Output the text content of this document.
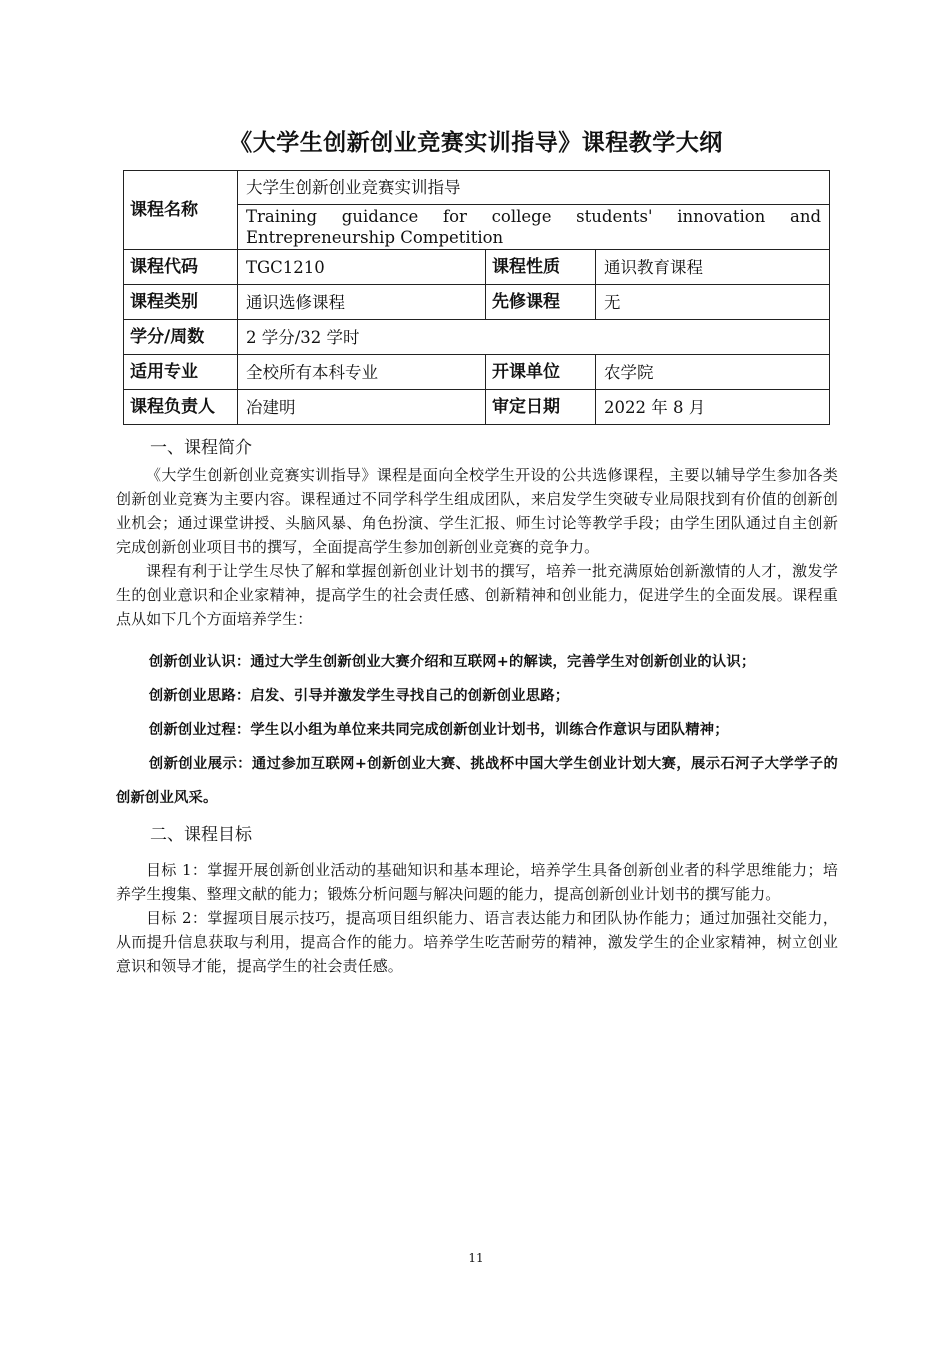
《大学生创新创业竞赛实训指导》课程教学大纲
课程名称	大学生创新创业竞赛实训指导		
	Training guidance for college students' innovation and Entrepreneurship Competition		
课程代码	TGC1210	课程性质	通识教育课程
课程类别	通识选修课程	先修课程	无
学分/周数	2 学分/32 学时		
适用专业	全校所有本科专业	开课单位	农学院
课程负责人	冶建明	审定日期	2022 年 8 月

一、课程简介

《大学生创新创业竞赛实训指导》课程是面向全校学生开设的公共选修课程，主要以辅导学生参加各类创新创业竞赛为主要内容。课程通过不同学科学生组成团队，来启发学生突破专业局限找到有价值的创新创业机会；通过课堂讲授、头脑风暴、角色扮演、学生汇报、师生讨论等教学手段；由学生团队通过自主创新完成创新创业项目书的撰写，全面提高学生参加创新创业竞赛的竞争力。

课程有利于让学生尽快了解和掌握创新创业计划书的撰写，培养一批充满原始创新激情的人才，激发学生的创业意识和企业家精神，提高学生的社会责任感、创新精神和创业能力，促进学生的全面发展。课程重点从如下几个方面培养学生：

创新创业认识：通过大学生创新创业大赛介绍和互联网+的解读，完善学生对创新创业的认识；

创新创业思路：启发、引导并激发学生寻找自己的创新创业思路；

创新创业过程：学生以小组为单位来共同完成创新创业计划书，训练合作意识与团队精神；

创新创业展示：通过参加互联网+创新创业大赛、挑战杯中国大学生创业计划大赛，展示石河子大学学子的创新创业风采。

二、课程目标

目标 1：掌握开展创新创业活动的基础知识和基本理论，培养学生具备创新创业者的科学思维能力；培养学生搜集、整理文献的能力；锻炼分析问题与解决问题的能力，提高创新创业计划书的撰写能力。

目标 2：掌握项目展示技巧，提高项目组织能力、语言表达能力和团队协作能力；通过加强社交能力，从而提升信息获取与利用，提高合作的能力。培养学生吃苦耐劳的精神，激发学生的企业家精神，树立创业意识和领导才能，提高学生的社会责任感。

11
